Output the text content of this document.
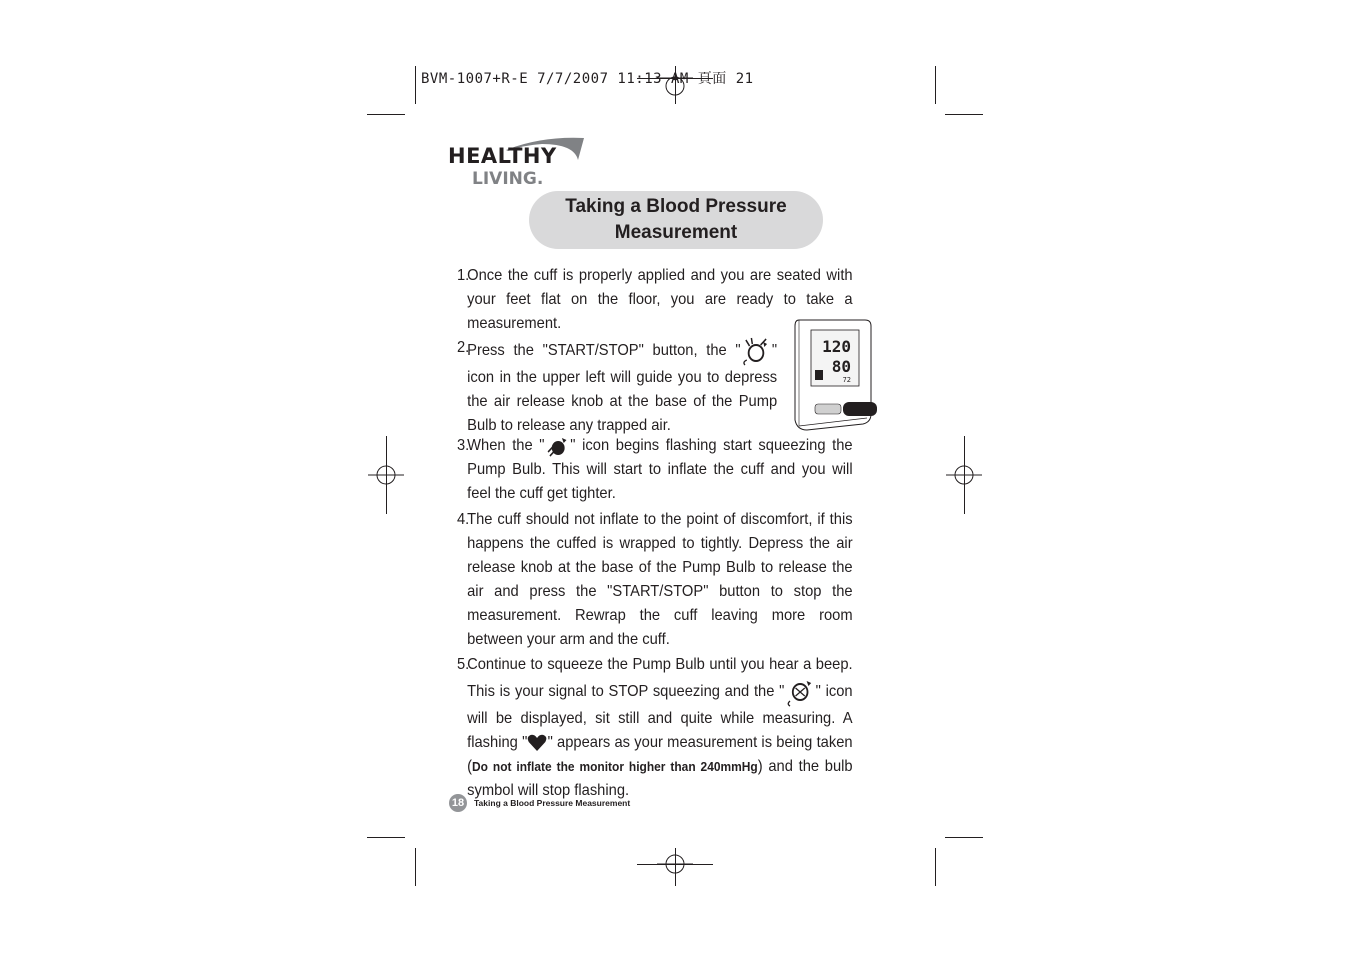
BVM-1007+R-E 7/7/2007 11:13 AM 頁面 21
HEALTHY
LIVING.
Taking a Blood Pressure Measurement
120
80
72
1.
Once the cuff is properly applied and you are seated with your feet flat on the floor, you are ready to take a measurement.
2.
Press the "START/STOP" button, the " " icon in the upper left will guide you to depress the air release knob at the base of the Pump Bulb to release any trapped air.
3.
When the " " icon begins flashing start squeezing the Pump Bulb. This will start to inflate the cuff and you will feel the cuff get tighter.
4.
The cuff should not inflate to the point of discomfort, if this happens the cuffed is wrapped to tightly. Depress the air release knob at the base of the Pump Bulb to release the air and press the "START/STOP" button to stop the measurement. Rewrap the cuff leaving more room between your arm and the cuff.
5.
Continue to squeeze the Pump Bulb until you hear a beep. This is your signal to STOP squeezing and the " " icon will be displayed, sit still and quite while measuring. A flashing " " appears as your measurement is being taken (Do not inflate the monitor higher than 240mmHg) and the bulb symbol will stop flashing.
18	Taking a Blood Pressure Measurement
